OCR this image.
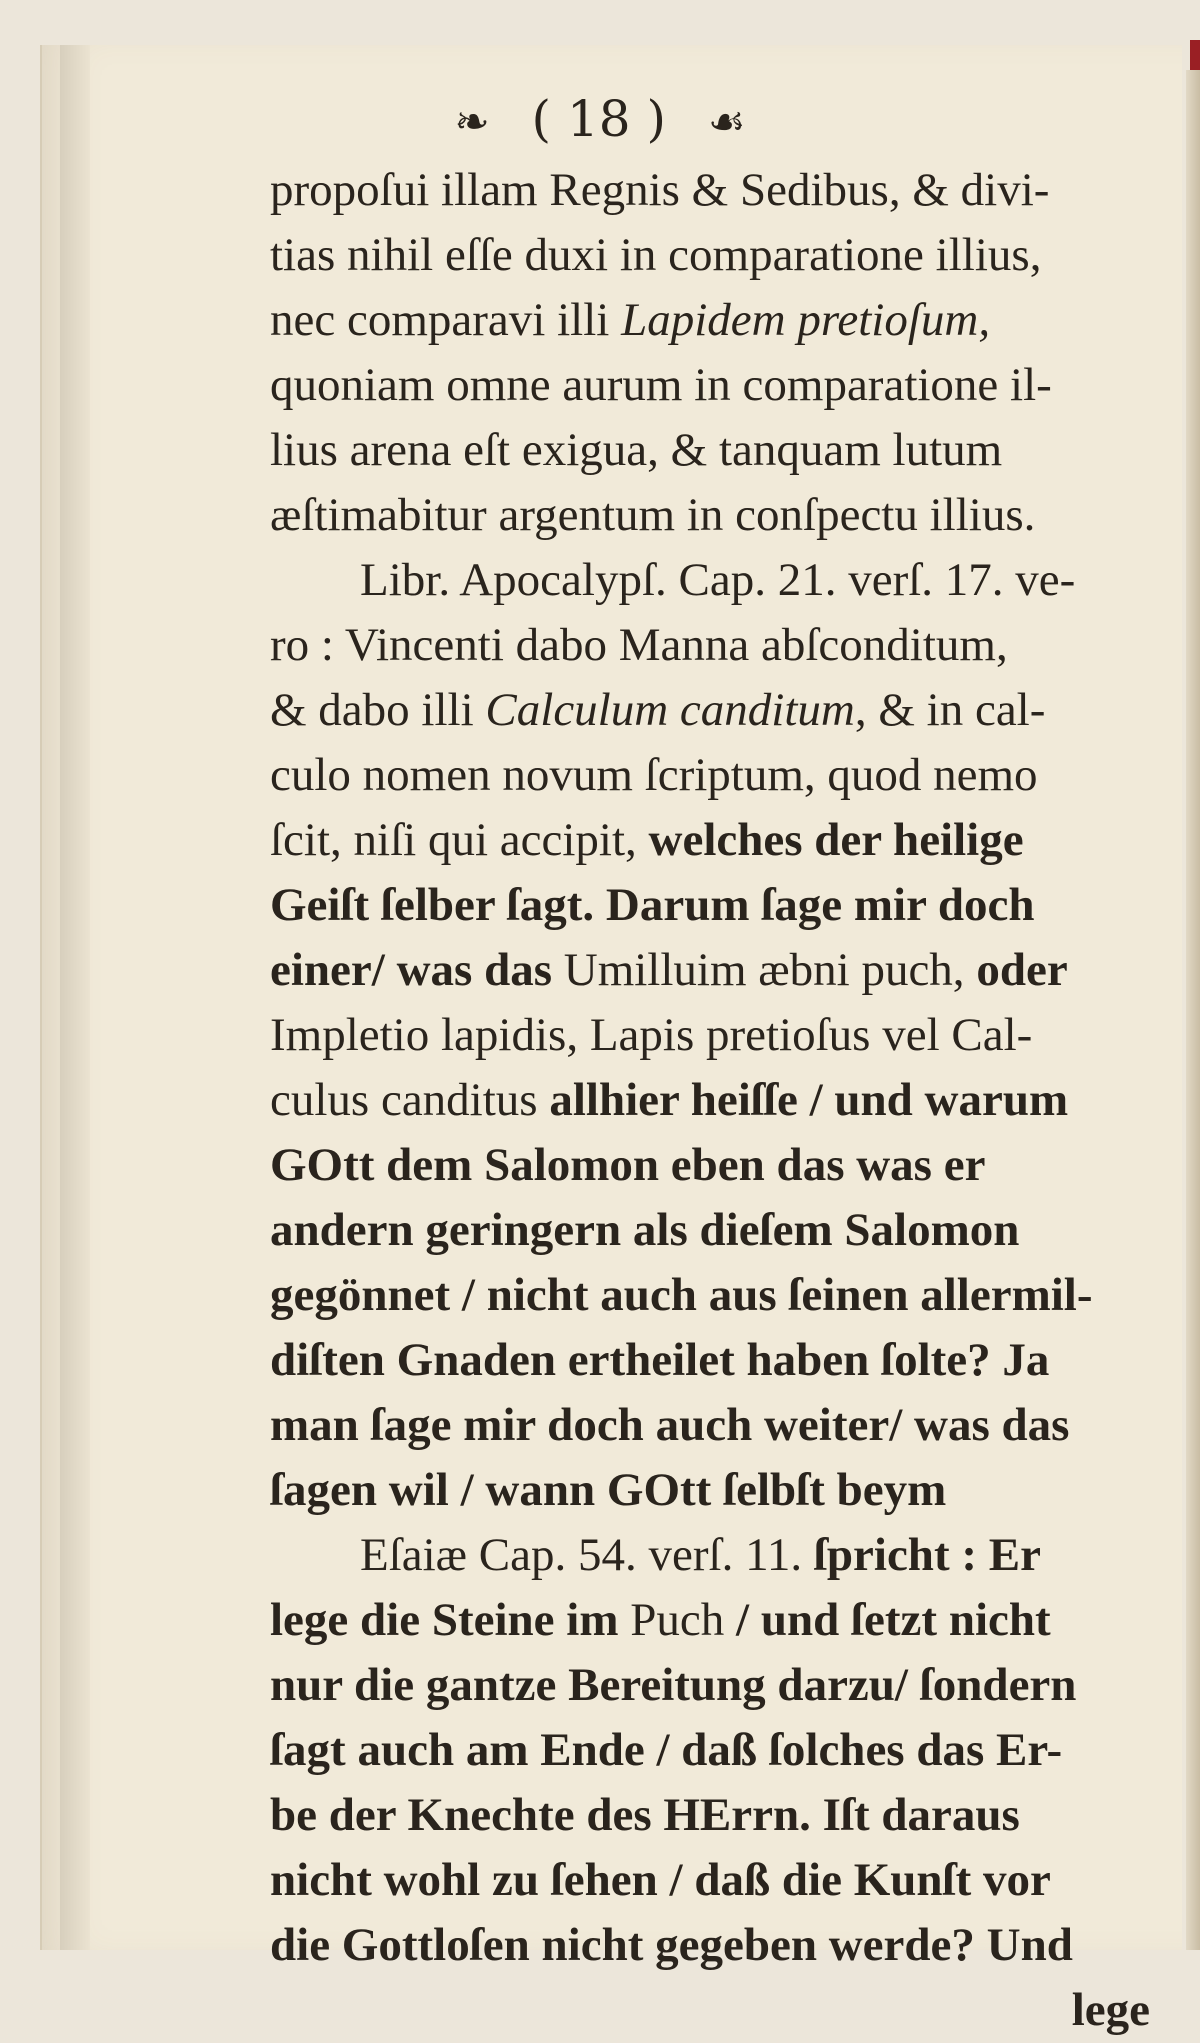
❧ ( 18 ) ☙
propoſui illam Regnis & Sedibus, & divi-
tias nihil eſſe duxi in comparatione illius,
nec comparavi illi Lapidem pretioſum,
quoniam omne aurum in comparatione il-
lius arena eſt exigua, & tanquam lutum
æſtimabitur argentum in conſpectu illius.
Libr. Apocalypſ. Cap. 21. verſ. 17. ve-
ro : Vincenti dabo Manna abſconditum,
& dabo illi Calculum canditum, & in cal-
culo nomen novum ſcriptum, quod nemo
ſcit, niſi qui accipit, welches der heilige
Geiſt ſelber ſagt. Darum ſage mir doch
einer/ was das Umilluim æbni puch, oder
Impletio lapidis, Lapis pretioſus vel Cal-
culus canditus allhier heiſſe / und warum
GOtt dem Salomon eben das was er
andern geringern als dieſem Salomon
gegönnet / nicht auch aus ſeinen allermil-
diſten Gnaden ertheilet haben ſolte? Ja
man ſage mir doch auch weiter/ was das
ſagen wil / wann GOtt ſelbſt beym
Eſaiæ Cap. 54. verſ. 11. ſpricht : Er
lege die Steine im Puch / und ſetzt nicht
nur die gantze Bereitung darzu/ ſondern
ſagt auch am Ende / daß ſolches das Er-
be der Knechte des HErrn. Iſt daraus
nicht wohl zu ſehen / daß die Kunſt vor
die Gottloſen nicht gegeben werde? Und
lege
